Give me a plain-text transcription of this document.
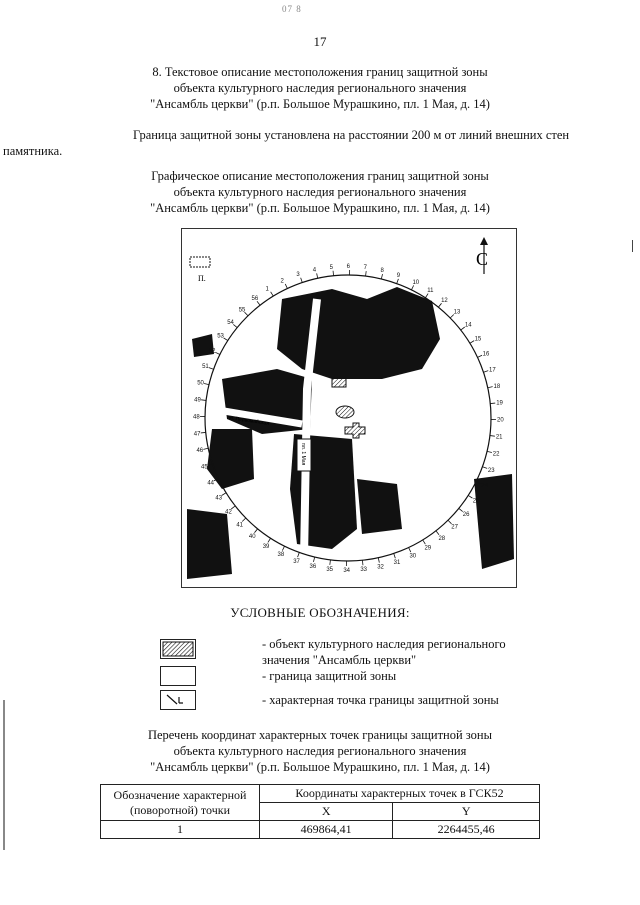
07 8
17
8. Текстовое описание местоположения границ защитной зоны
объекта культурного наследия регионального значения
"Ансамбль церкви" (р.п. Большое Мурашкино, пл. 1 Мая, д. 14)
Граница защитной зоны установлена на расстоянии 200 м от линий внешних стен
памятника.
Графическое описание местоположения границ защитной зоны
объекта культурного наследия регионального значения
"Ансамбль церкви" (р.п. Большое Мурашкино, пл. 1 Мая, д. 14)
пл. Первомайская
пл. 1 Мая
1
2
3
4 5 6 7
8
9
10
11
12
13
14
15
16
17
18
19
20
21
22
23
24
25
26
27
28
29
30
31
32
33
34
35
36
37
38
39
40
41
42
43
44
45
46
47
48
49
50
51
52
53
54
55
56
С
П.
УСЛОВНЫЕ ОБОЗНАЧЕНИЯ:
- объект культурного наследия регионального
значения "Ансамбль церкви"
- граница защитной зоны
- характерная точка границы защитной зоны
Перечень координат характерных точек границы защитной зоны
объекта культурного наследия регионального значения
"Ансамбль церкви" (р.п. Большое Мурашкино, пл. 1 Мая, д. 14)
Обозначение характерной
(поворотной) точки	Координаты характерных точек в ГСК52	
	X	Y
1	469864,41	2264455,46
